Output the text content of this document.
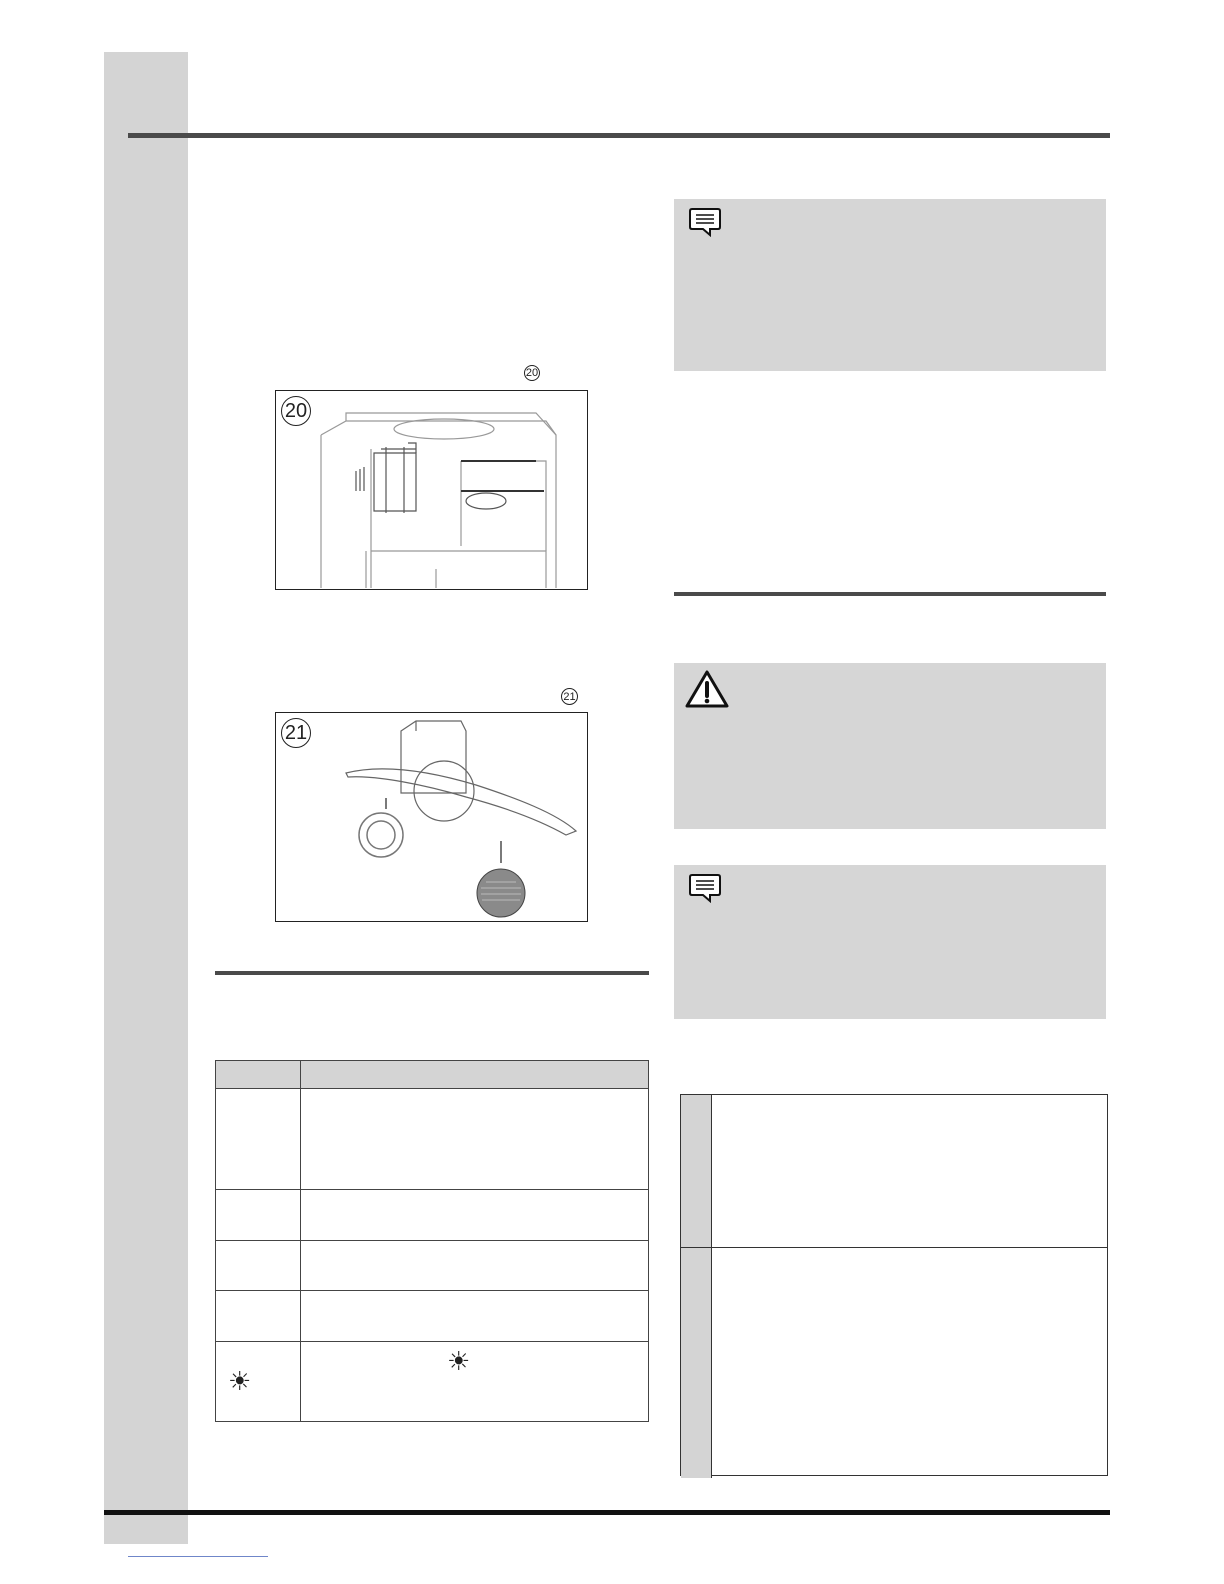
20
20
21
21

☀	☀
